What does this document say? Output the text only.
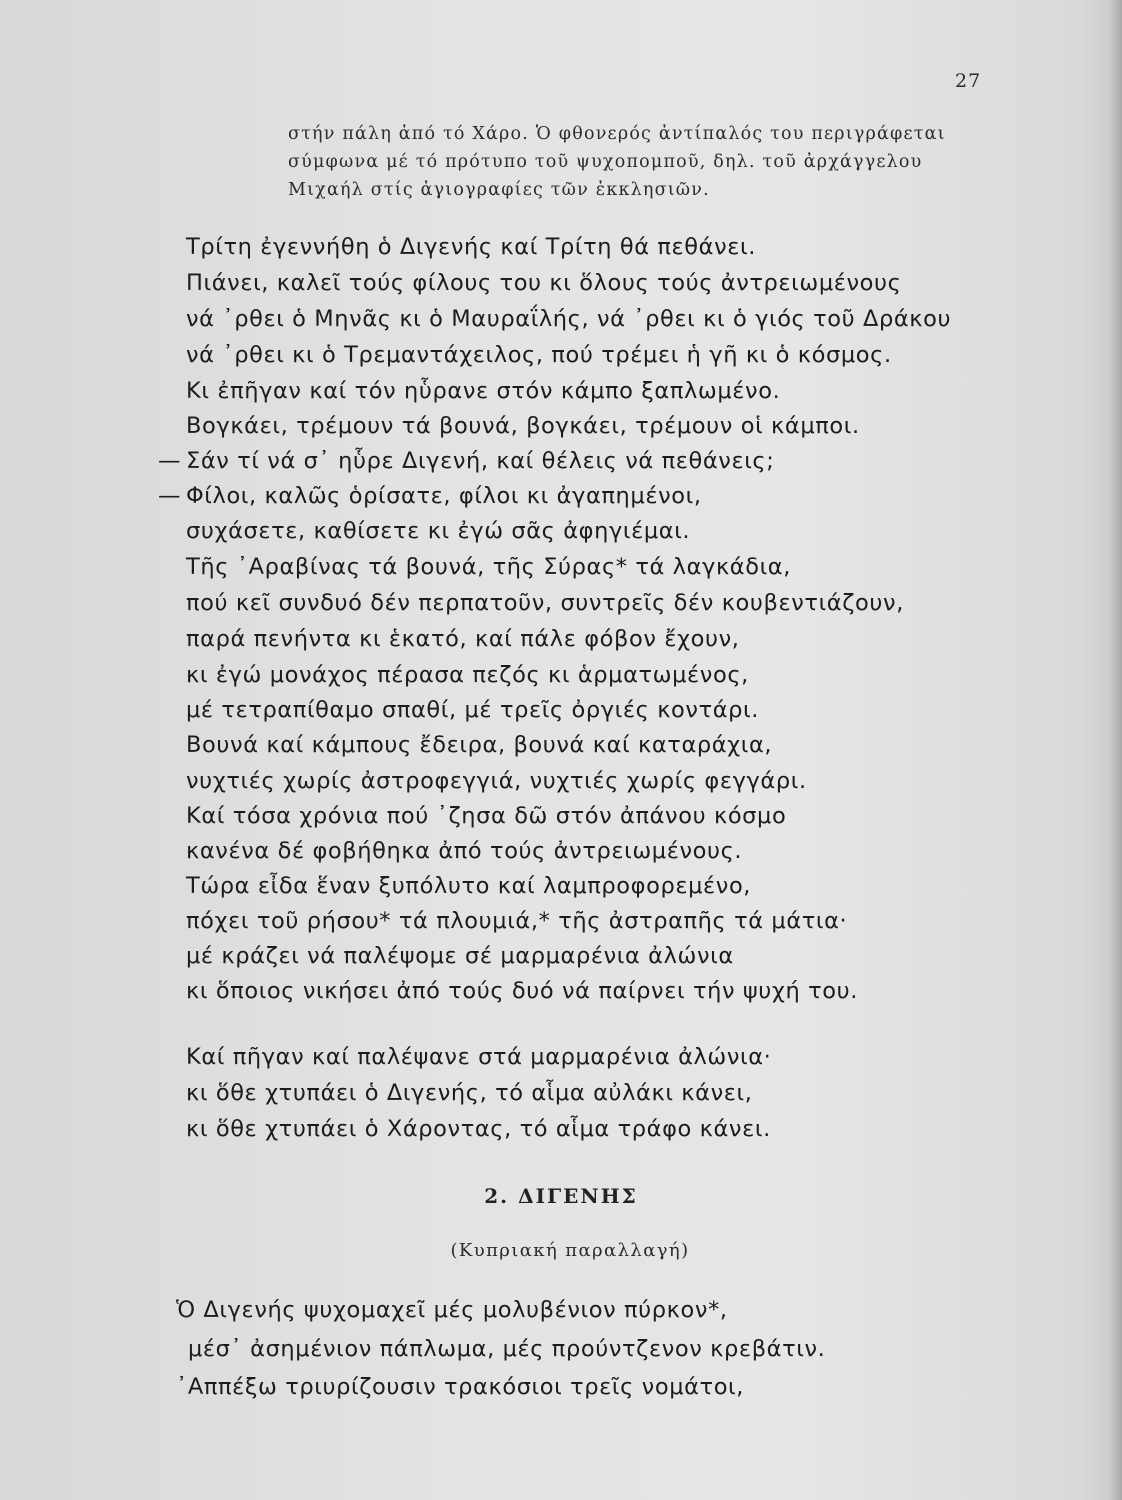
27
στήν πάλη ἀπό τό Χάρο. Ὁ φθονερός ἀντίπαλός του περιγράφεται
σύμφωνα μέ τό πρότυπο τοῦ ψυχοπομποῦ, δηλ. τοῦ ἀρχάγγελου
Μιχαήλ στίς ἁγιογραφίες τῶν ἐκκλησιῶν.
Τρίτη ἐγεννήθη ὁ Διγενής καί Τρίτη θά πεθάνει.
Πιάνει, καλεῖ τούς φίλους του κι ὅλους τούς ἀντρειωμένους
νά ᾿ρθει ὁ Μηνᾶς κι ὁ Μαυραΐλής, νά ᾿ρθει κι ὁ γιός τοῦ Δράκου
νά ᾿ρθει κι ὁ Τρεμαντάχειλος, πού τρέμει ἡ γῆ κι ὁ κόσμος.
Κι ἐπῆγαν καί τόν ηὗρανε στόν κάμπο ξαπλωμένο.
Βογκάει, τρέμουν τά βουνά, βογκάει, τρέμουν οἱ κάμποι.
— Σάν τί νά σ᾿ ηὗρε Διγενή, καί θέλεις νά πεθάνεις;
— Φίλοι, καλῶς ὁρίσατε, φίλοι κι ἀγαπημένοι,
συχάσετε, καθίσετε κι ἐγώ σᾶς ἀφηγιέμαι.
Τῆς ᾿Αραβίνας τά βουνά, τῆς Σύρας* τά λαγκάδια,
πού κεῖ συνδυό δέν περπατοῦν, συντρεῖς δέν κουβεντιάζουν,
παρά πενήντα κι ἑκατό, καί πάλε φόβον ἔχουν,
κι ἐγώ μονάχος πέρασα πεζός κι ἁρματωμένος,
μέ τετραπίθαμο σπαθί, μέ τρεῖς ὀργιές κοντάρι.
Βουνά καί κάμπους ἔδειρα, βουνά καί καταράχια,
νυχτιές χωρίς ἀστροφεγγιά, νυχτιές χωρίς φεγγάρι.
Καί τόσα χρόνια πού ᾿ζησα δῶ στόν ἀπάνου κόσμο
κανένα δέ φοβήθηκα ἀπό τούς ἀντρειωμένους.
Τώρα εἶδα ἕναν ξυπόλυτο καί λαμπροφορεμένο,
πόχει τοῦ ρήσου* τά πλουμιά,* τῆς ἀστραπῆς τά μάτια·
μέ κράζει νά παλέψομε σέ μαρμαρένια ἀλώνια
κι ὅποιος νικήσει ἀπό τούς δυό νά παίρνει τήν ψυχή του.
Καί πῆγαν καί παλέψανε στά μαρμαρένια ἀλώνια·
κι ὅθε χτυπάει ὁ Διγενής, τό αἷμα αὐλάκι κάνει,
κι ὅθε χτυπάει ὁ Χάροντας, τό αἷμα τράφο κάνει.
2. ΔΙΓΕΝΗΣ
(Κυπριακή παραλλαγή)
Ὁ Διγενής ψυχομαχεῖ μές μολυβένιον πύρκον*,
μέσ᾿ ἀσημένιον πάπλωμα, μές προύντζενον κρεβάτιν.
᾿Αππέξω τριυρίζουσιν τρακόσιοι τρεῖς νομάτοι,
